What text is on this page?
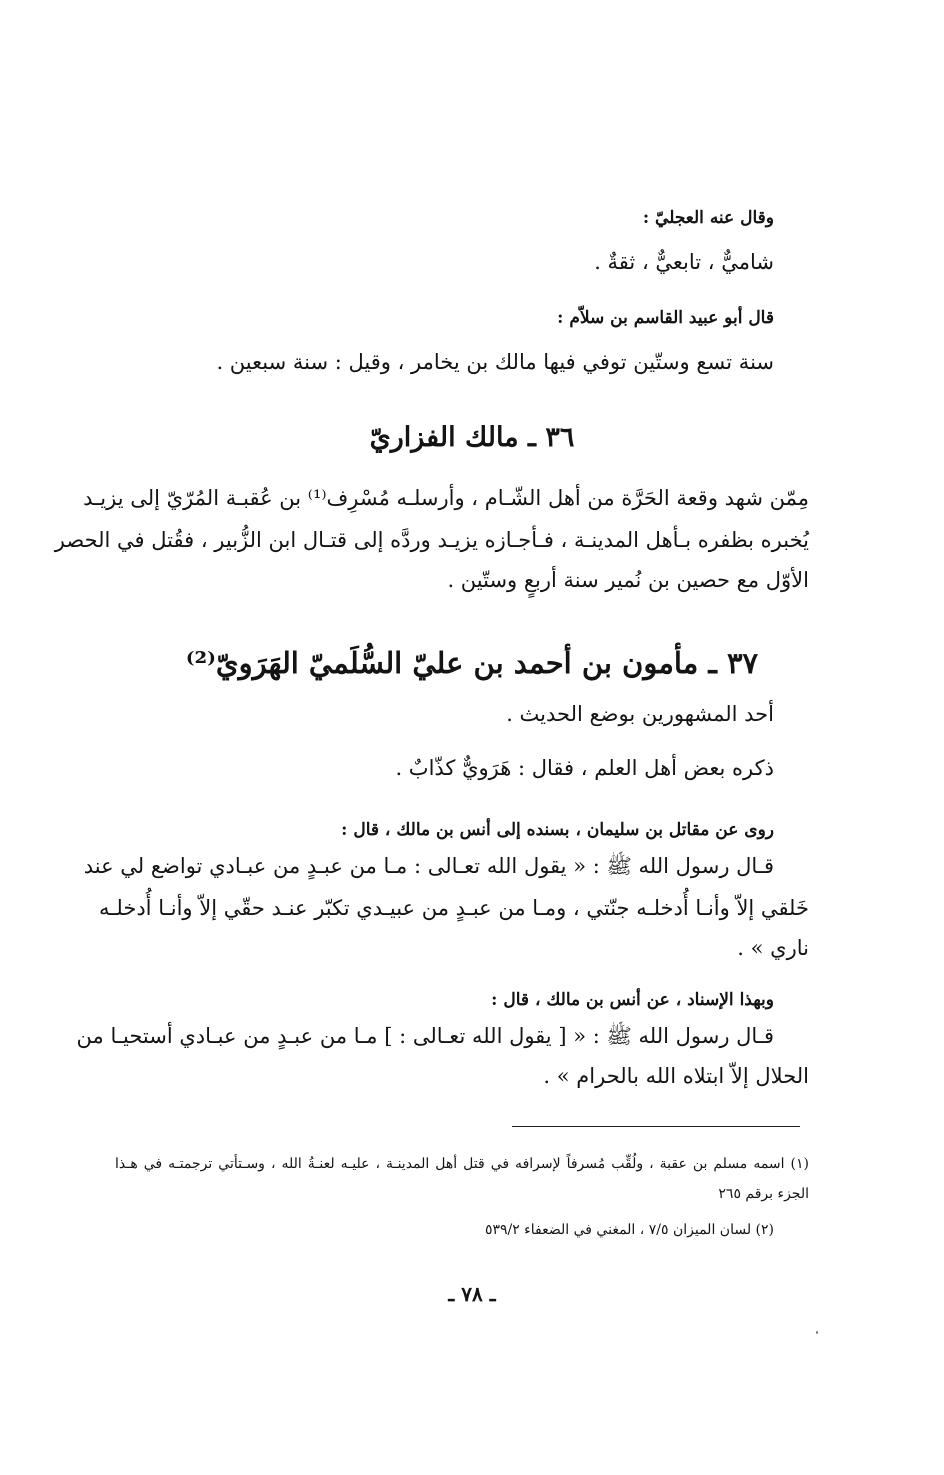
وقال عنه العجليّ :
شاميٌّ ، تابعيٌّ ، ثقةٌ .
قال أبو عبيد القاسم بن سلاّم :
سنة تسع وستّين توفي فيها مالك بن يخامر ، وقيل : سنة سبعين .
٣٦ ـ مالك الفزاريّ
مِمّن شهد وقعة الحَرَّة من أهل الشّـام ، وأرسلـه مُسْرِف⁽¹⁾ بن عُقبـة المُرّيّ إلى يزيـد
يُخبره بظفره بـأهل المدينـة ، فـأجـازه يزيـد وردَّه إلى قتـال ابن الزُّبير ، فقُتل في الحصر
الأوّل مع حصين بن نُمير سنة أربعٍ وستّين .
٣٧ ـ مأمون بن أحمد بن عليّ السُّلَميّ الهَرَويّ⁽²⁾
أحد المشهورين بوضع الحديث .
ذكره بعض أهل العلم ، فقال : هَرَويٌّ كذّابٌ .
روى عن مقاتل بن سليمان ، بسنده إلى أنس بن مالك ، قال :
قـال رسول الله ﷺ : « يقول الله تعـالى : مـا من عبـدٍ من عبـادي تواضع لي عند
خَلقي إلاّ وأنـا أُدخلـه جنّتي ، ومـا من عبـدٍ من عبيـدي تكبّر عنـد حقّي إلاّ وأنـا أُدخلـه
ناري » .
وبهذا الإسناد ، عن أنس بن مالك ، قال :
قـال رسول الله ﷺ : « [ يقول الله تعـالى : ] مـا من عبـدٍ من عبـادي أستحيـا من
الحلال إلاّ ابتلاه الله بالحرام » .
(١) اسمه مسلم بن عقبة ، ولُقِّب مُسرفاً لإسرافه في قتل أهل المدينـة ، عليـه لعنـةُ الله ، وسـتأتي ترجمتـه في هـذا
الجزء برقم ٢٦٥
(٢) لسان الميزان ٧/٥ ، المغني في الضعفاء ٥٣٩/٢
ـ ٧٨ ـ
